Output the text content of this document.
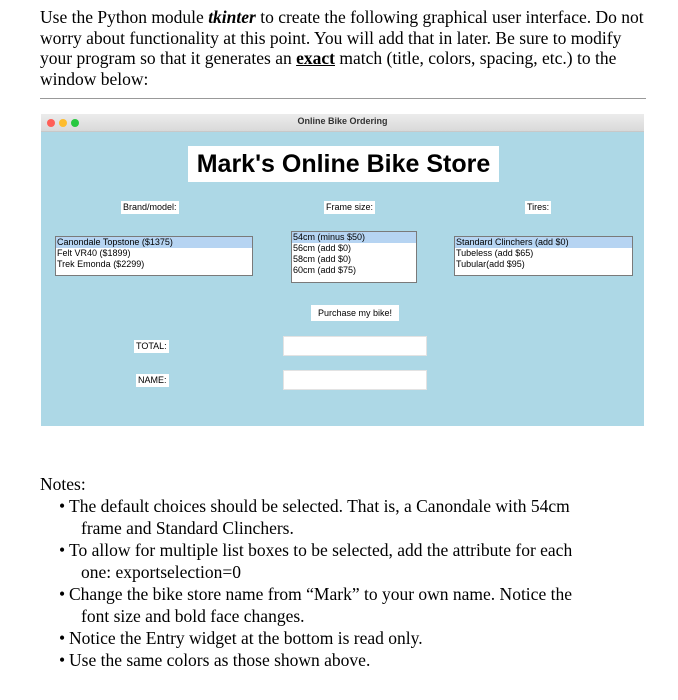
Use the Python module tkinter to create the following graphical user interface. Do not worry about functionality at this point. You will add that in later. Be sure to modify your program so that it generates an exact match (title, colors, spacing, etc.) to the window below:
Online Bike Ordering
Mark's Online Bike Store
Brand/model:	Frame size:	Tires:
Canondale Topstone ($1375)
Felt VR40 ($1899)
Trek Emonda ($2299)
54cm (minus $50)
56cm (add $0)
58cm (add $0)
60cm (add $75)
Standard Clinchers (add $0)
Tubeless (add $65)
Tubular(add $95)
Purchase my bike!
TOTAL:
NAME:
Notes:
• The default choices should be selected. That is, a Canondale with 54cm
frame and Standard Clinchers.
• To allow for multiple list boxes to be selected, add the attribute for each
one: exportselection=0
• Change the bike store name from “Mark” to your own name. Notice the
font size and bold face changes.
• Notice the Entry widget at the bottom is read only.
• Use the same colors as those shown above.
